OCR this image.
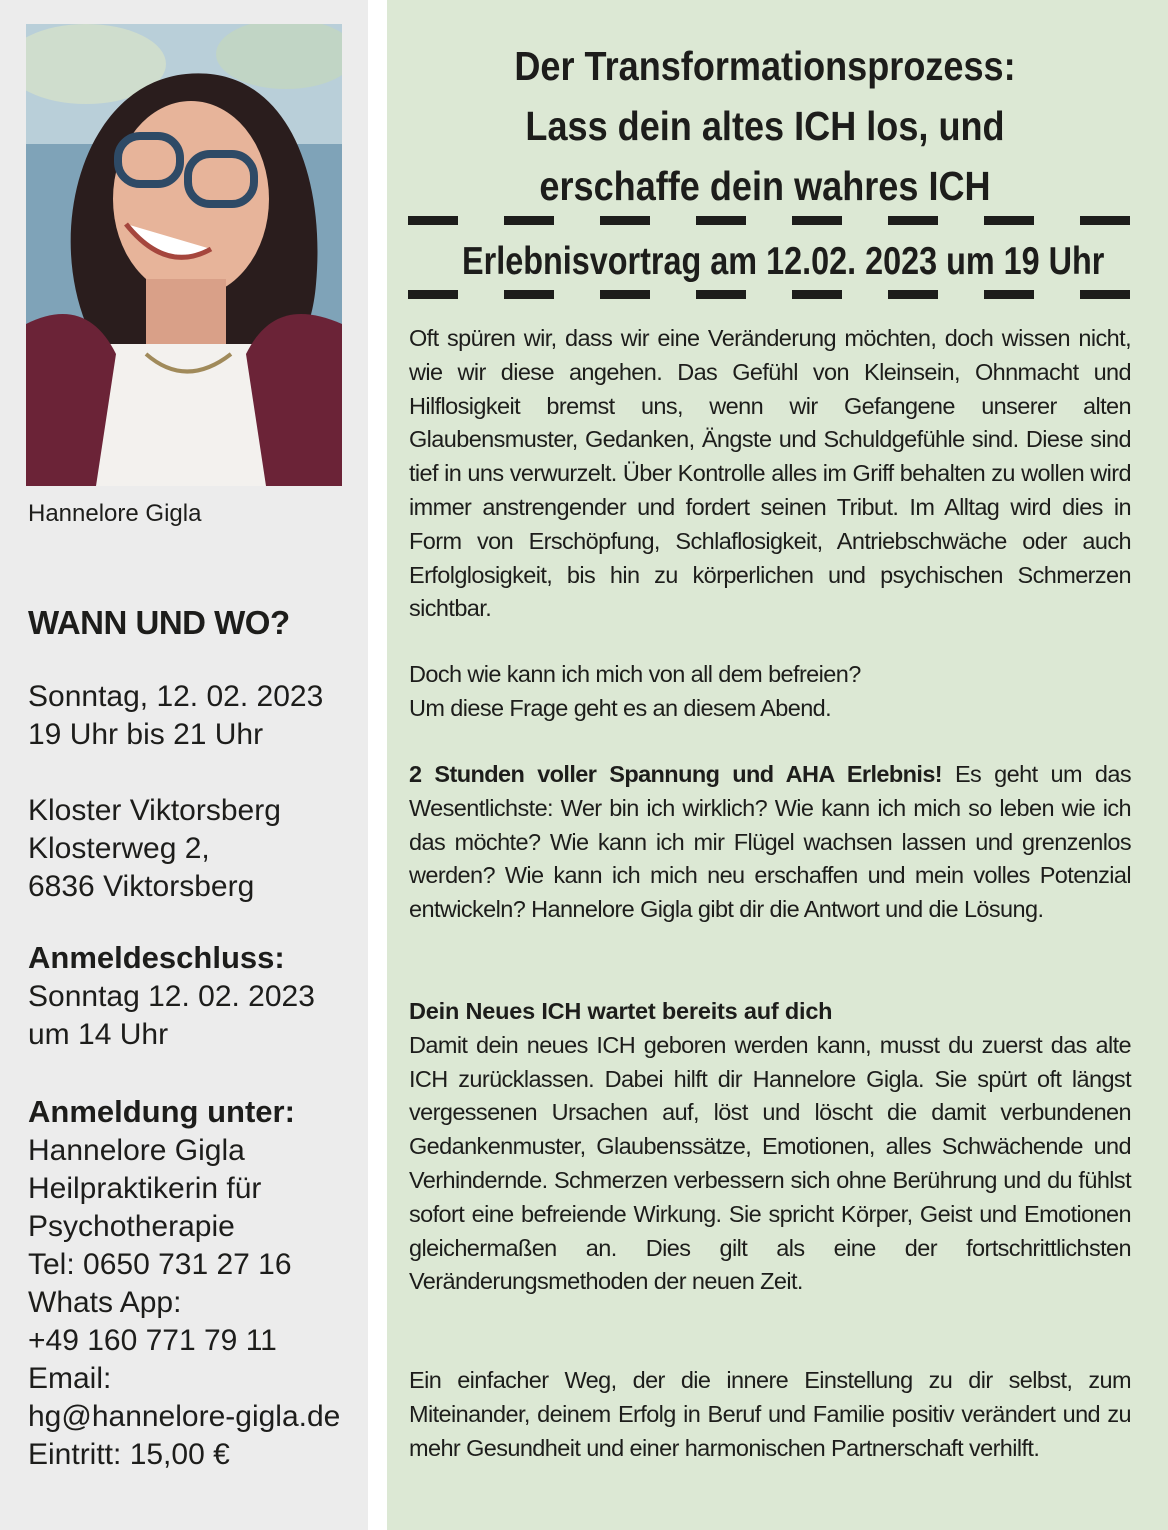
Hannelore Gigla
WANN UND WO?
Sonntag, 12. 02. 2023
19 Uhr bis 21 Uhr
Kloster Viktorsberg
Klosterweg 2,
6836 Viktorsberg
Anmeldeschluss:
Sonntag 12. 02. 2023
um 14 Uhr
Anmeldung unter:
Hannelore Gigla
Heilpraktikerin für
Psychotherapie
Tel: 0650 731 27 16
Whats App:
+49 160 771 79 11
Email:
hg@hannelore-gigla.de
Eintritt: 15,00 €
Der Transformationsprozess:
Lass dein altes ICH los, und
erschaffe dein wahres ICH
Erlebnisvortrag am 12.02. 2023 um 19 Uhr
Oft spüren wir, dass wir eine Veränderung möchten, doch wissen nicht, wie wir diese angehen. Das Gefühl von Kleinsein, Ohnmacht und Hilflosigkeit bremst uns, wenn wir Gefangene unserer alten Glaubensmuster, Gedanken, Ängste und Schuldgefühle sind. Diese sind tief in uns verwurzelt. Über Kontrolle alles im Griff behalten zu wollen wird immer anstrengender und fordert seinen Tribut. Im Alltag wird dies in Form von Erschöpfung, Schlaflosigkeit, Antriebschwäche oder auch Erfolglosigkeit, bis hin zu körperlichen und psychischen Schmerzen sichtbar.
Doch wie kann ich mich von all dem befreien?
Um diese Frage geht es an diesem Abend.
2 Stunden voller Spannung und AHA Erlebnis! Es geht um das Wesentlichste: Wer bin ich wirklich? Wie kann ich mich so leben wie ich das möchte? Wie kann ich mir Flügel wachsen lassen und grenzenlos werden? Wie kann ich mich neu erschaffen und mein volles Potenzial entwickeln? Hannelore Gigla gibt dir die Antwort und die Lösung.
Dein Neues ICH wartet bereits auf dich
Damit dein neues ICH geboren werden kann, musst du zuerst das alte ICH zurücklassen. Dabei hilft dir Hannelore Gigla. Sie spürt oft längst vergessenen Ursachen auf, löst und löscht die damit verbundenen Gedankenmuster, Glaubenssätze, Emotionen, alles Schwächende und Verhindernde. Schmerzen verbessern sich ohne Berührung und du fühlst sofort eine befreiende Wirkung. Sie spricht Körper, Geist und Emotionen gleichermaßen an. Dies gilt als eine der fortschrittlichsten Veränderungsmethoden der neuen Zeit.
Ein einfacher Weg, der die innere Einstellung zu dir selbst, zum Miteinander, deinem Erfolg in Beruf und Familie positiv verändert und zu mehr Gesundheit und einer harmonischen Partnerschaft verhilft.
